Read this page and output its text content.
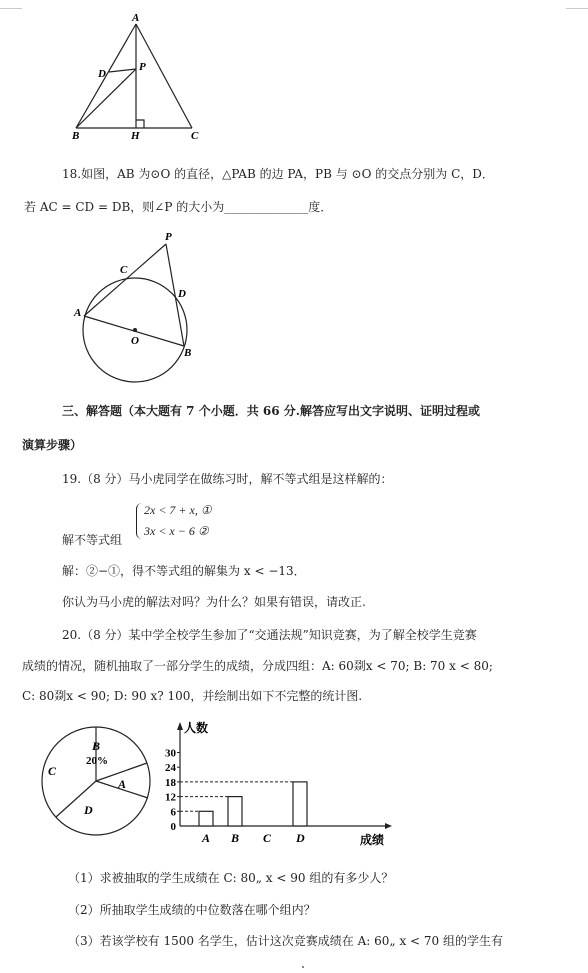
A
P
D
B	H	C
18.如图，AB 为⊙O 的直径，△PAB 的边 PA，PB 与 ⊙O 的交点分别为 C，D．
若 AC = CD = DB，则∠P 的大小为______________度．
P
C
D
A
O
B
三、解答题（本大题有 7 个小题．共 66 分.解答应写出文字说明、证明过程或
演算步骤）
19.（8 分）马小虎同学在做练习时，解不等式组是这样解的：
2x < 7 + x, ①
3x < x − 6 ②
解不等式组
解：②−①，得不等式组的解集为 x < −13．
你认为马小虎的解法对吗？为什么？如果有错误，请改正.
20.（8 分）某中学全校学生参加了“交通法规”知识竞赛，为了解全校学生竞赛
成绩的情况，随机抽取了一部分学生的成绩，分成四组：A: 60剟x < 70; B: 70 x < 80;
C: 80剟x < 90; D: 90 x? 100，并绘制出如下不完整的统计图.
B
20%
A
C
D
人数
成绩
0
6
12
18
24
30
A B C D
（1）求被抽取的学生成绩在 C: 80„ x < 90 组的有多少人？
（2）所抽取学生成绩的中位数落在哪个组内？
（3）若该学校有 1500 名学生，估计这次竞赛成绩在 A: 60„ x < 70 组的学生有
